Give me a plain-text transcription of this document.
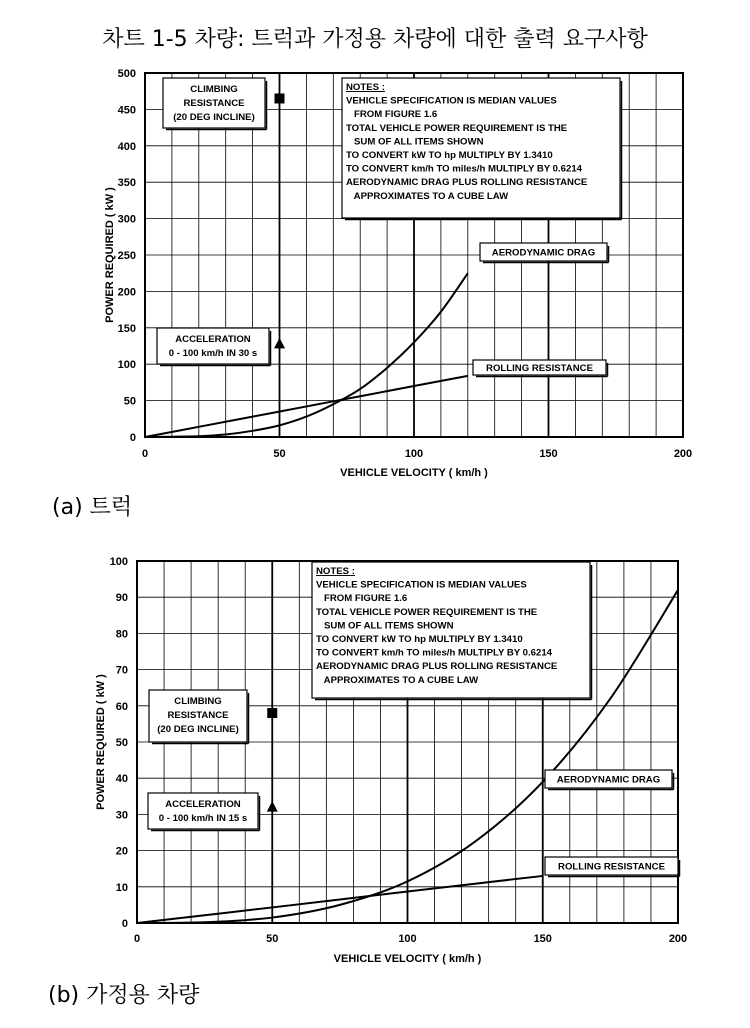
차트 1-5 차량: 트럭과 가정용 차량에 대한 출력 요구사항
0
50
100
150
200
250
300
350
400
450
500
0	50	100	150	200
VEHICLE VELOCITY ( km/h )
POWER REQUIRED ( kW )
NOTES :
VEHICLE SPECIFICATION IS MEDIAN VALUES
FROM FIGURE 1.6
TOTAL VEHICLE POWER REQUIREMENT IS THE
SUM OF ALL ITEMS SHOWN
TO CONVERT kW TO hp MULTIPLY BY 1.3410
TO CONVERT km/h TO miles/h MULTIPLY BY 0.6214
AERODYNAMIC DRAG PLUS ROLLING RESISTANCE
APPROXIMATES TO A CUBE LAW
CLIMBING
RESISTANCE
(20 DEG INCLINE)
ACCELERATION
0 - 100 km/h IN 30 s
AERODYNAMIC DRAG
ROLLING RESISTANCE
(a) 트럭
0
10
20
30
40
50
60
70
80
90
100
0	50	100	150	200
VEHICLE VELOCITY ( km/h )
POWER REQUIRED ( kW )
NOTES :
VEHICLE SPECIFICATION IS MEDIAN VALUES
FROM FIGURE 1.6
TOTAL VEHICLE POWER REQUIREMENT IS THE
SUM OF ALL ITEMS SHOWN
TO CONVERT kW TO hp MULTIPLY BY 1.3410
TO CONVERT km/h TO miles/h MULTIPLY BY 0.6214
AERODYNAMIC DRAG PLUS ROLLING RESISTANCE
APPROXIMATES TO A CUBE LAW
CLIMBING
RESISTANCE
(20 DEG INCLINE)
ACCELERATION
0 - 100 km/h IN 15 s
AERODYNAMIC DRAG
ROLLING RESISTANCE
(b) 가정용 차량
